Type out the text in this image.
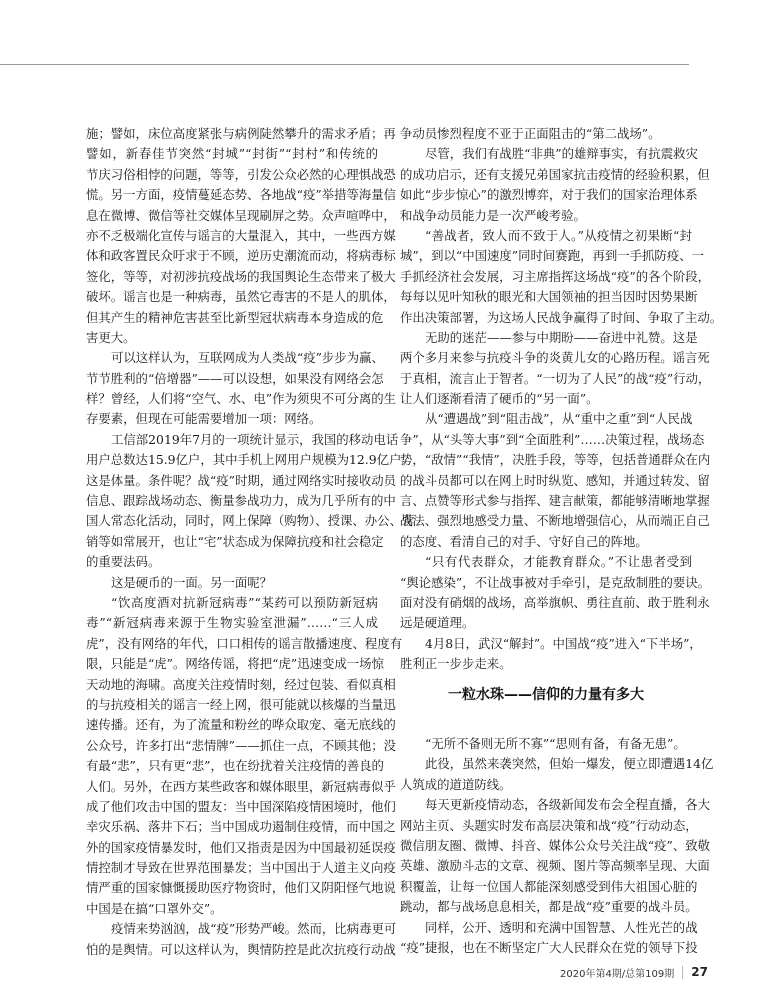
施；譬如，床位高度紧张与病例陡然攀升的需求矛盾；再
譬如，新春佳节突然“封城”“封街”“封村”和传统的
节庆习俗相悖的问题，等等，引发公众必然的心理惧战恐
慌。另一方面，疫情蔓延态势、各地战“疫”举措等海量信
息在微博、微信等社交媒体呈现刷屏之势。众声喧哗中，
亦不乏极端化宣传与谣言的大量混入，其中，一些西方媒
体和政客置民众吁求于不顾，逆历史潮流而动，将病毒标
签化，等等，对初涉抗疫战场的我国舆论生态带来了极大
破坏。谣言也是一种病毒，虽然它毒害的不是人的肌体，
但其产生的精神危害甚至比新型冠状病毒本身造成的危
害更大。
可以这样认为，互联网成为人类战“疫”步步为赢、
节节胜利的“倍增器”——可以设想，如果没有网络会怎
样？曾经，人们将“空气、水、电”作为须臾不可分离的生
存要素，但现在可能需要增加一项：网络。
工信部2019年7月的一项统计显示，我国的移动电话
用户总数达15.9亿户，其中手机上网用户规模为12.9亿户。
这是体量。条件呢？战“疫”时期，通过网络实时接收动员
信息、跟踪战场动态、衡量参战功力，成为几乎所有的中
国人常态化活动，同时，网上保障（购物）、授课、办公、营
销等如常展开，也让“宅”状态成为保障抗疫和社会稳定
的重要法码。
这是硬币的一面。另一面呢？
“饮高度酒对抗新冠病毒”“某药可以预防新冠病
毒”“新冠病毒来源于生物实验室泄漏”……“三人成
虎”，没有网络的年代，口口相传的谣言散播速度、程度有
限，只能是“虎”。网络传谣，将把“虎”迅速变成一场惊
天动地的海啸。高度关注疫情时刻，经过包装、看似真相
的与抗疫相关的谣言一经上网，很可能就以核爆的当量迅
速传播。还有，为了流量和粉丝的哗众取宠、毫无底线的
公众号，许多打出“悲情牌”——抓住一点，不顾其他；没
有最“悲”，只有更“悲”，也在纷扰着关注疫情的善良的
人们。另外，在西方某些政客和媒体眼里，新冠病毒似乎
成了他们攻击中国的盟友：当中国深陷疫情困境时，他们
幸灾乐祸、落井下石；当中国成功遏制住疫情，而中国之
外的国家疫情暴发时，他们又指责是因为中国最初延误疫
情控制才导致在世界范围暴发；当中国出于人道主义向疫
情严重的国家慷慨援助医疗物资时，他们又阴阳怪气地说
中国是在搞“口罩外交”。
疫情来势汹汹，战“疫”形势严峻。然而，比病毒更可
怕的是舆情。可以这样认为，舆情防控是此次抗疫行动战
争动员惨烈程度不亚于正面阻击的“第二战场”。
尽管，我们有战胜“非典”的雄辩事实，有抗震救灾
的成功启示，还有支援兄弟国家抗击疫情的经验积累，但
如此“步步惊心”的激烈博弈，对于我们的国家治理体系
和战争动员能力是一次严峻考验。
“善战者，致人而不致于人。”从疫情之初果断“封
城”，到以“中国速度”同时间赛跑，再到一手抓防疫、一
手抓经济社会发展，习主席指挥这场战“疫”的各个阶段，
每每以见叶知秋的眼光和大国领袖的担当因时因势果断
作出决策部署，为这场人民战争赢得了时间、争取了主动。
无助的迷茫——参与中期盼——奋进中礼赞。这是
两个多月来参与抗疫斗争的炎黄儿女的心路历程。谣言死
于真相，流言止于智者。“一切为了人民”的战“疫”行动，
让人们逐渐看清了硬币的“另一面”。
从“遭遇战”到“阻击战”，从“重中之重”到“人民战
争”，从“头等大事”到“全面胜利”……决策过程，战场态
势，“敌情”“我情”，决胜手段，等等，包括普通群众在内
的战斗员都可以在网上时时纵览、感知，并通过转发、留
言、点赞等形式参与指挥、建言献策，都能够清晰地掌握
战法、强烈地感受力量、不断地增强信心，从而端正自己
的态度、看清自己的对手、守好自己的阵地。
“只有代表群众，才能教育群众。”不让患者受到
“舆论感染”，不让战事被对手牵引，是克敌制胜的要诀。
面对没有硝烟的战场，高举旗帜、勇往直前、敢于胜利永
远是硬道理。
4月8日，武汉“解封”。中国战“疫”进入“下半场”，
胜利正一步步走来。
一粒水珠——信仰的力量有多大
“无所不备则无所不寡”“思则有备，有备无患”。
此役，虽然来袭突然，但始一爆发，便立即遭遇14亿
人筑成的道道防线。
每天更新疫情动态，各级新闻发布会全程直播，各大
网站主页、头题实时发布高层决策和战“疫”行动动态，
微信朋友圈、微博、抖音、媒体公众号关注战“疫”、致敬
英雄、激励斗志的文章、视频、图片等高频率呈现、大面
积覆盖，让每一位国人都能深刻感受到伟大祖国心脏的
跳动，都与战场息息相关，都是战“疫”重要的战斗员。
同样，公开、透明和充满中国智慧、人性光芒的战
“疫”捷报，也在不断坚定广大人民群众在党的领导下投
2020年第4期/总第109期 27
